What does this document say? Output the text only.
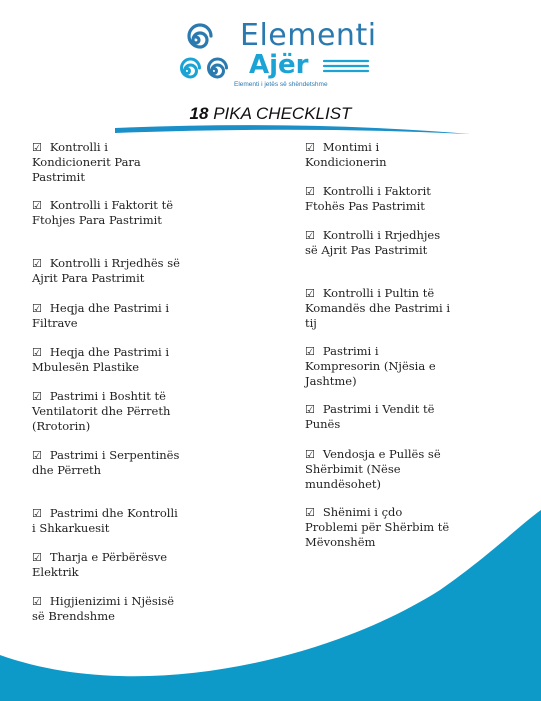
Elementi
Ajër
Elementi i jetës së shëndetshme
18 PIKA CHECKLIST
☑ Kontrolli i Kondicionerit Para Pastrimit
☑ Kontrolli i Faktorit të Ftohjes Para Pastrimit
☑ Kontrolli i Rrjedhës së Ajrit Para Pastrimit
☑ Heqja dhe Pastrimi i Filtrave
☑ Heqja dhe Pastrimi i Mbulesën Plastike
☑ Pastrimi i Boshtit të Ventilatorit dhe Përreth (Rrotorin)
☑ Pastrimi i Serpentinës dhe Përreth
☑ Pastrimi dhe Kontrolli i Shkarkuesit
☑ Tharja e Përbërësve Elektrik
☑ Higjienizimi i Njësisë së Brendshme
☑ Montimi i Kondicionerin
☑ Kontrolli i Faktorit Ftohës Pas Pastrimit
☑ Kontrolli i Rrjedhjes së Ajrit Pas Pastrimit
☑ Kontrolli i Pultin të Komandës dhe Pastrimi i tij
☑ Pastrimi i Kompresorin (Njësia e Jashtme)
☑ Pastrimi i Vendit të Punës
☑ Vendosja e Pullës së Shërbimit (Nëse mundësohet)
☑ Shënimi i çdo Problemi për Shërbim të Mëvonshëm
